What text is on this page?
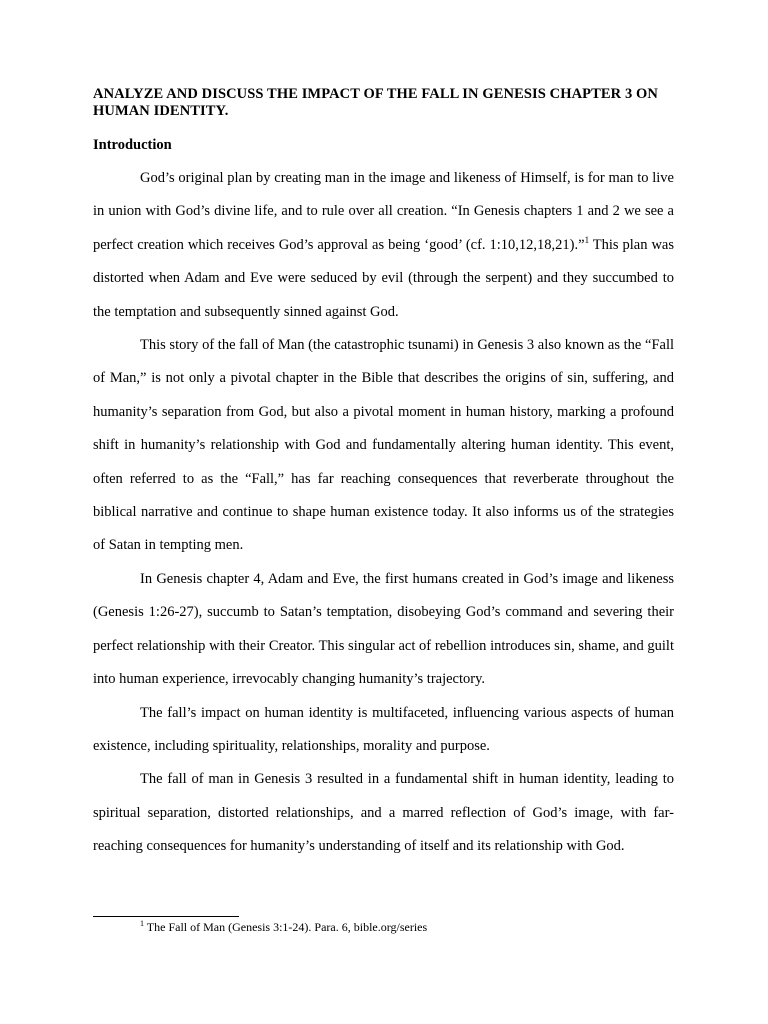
ANALYZE AND DISCUSS THE IMPACT OF THE FALL IN GENESIS CHAPTER 3 ON HUMAN IDENTITY.
Introduction

God’s original plan by creating man in the image and likeness of Himself, is for man to live in union with God’s divine life, and to rule over all creation. “In Genesis chapters 1 and 2 we see a perfect creation which receives God’s approval as being ‘good’ (cf. 1:10,12,18,21).”$^1$ This plan was distorted when Adam and Eve were seduced by evil (through the serpent) and they succumbed to the temptation and subsequently sinned against God.

This story of the fall of Man (the catastrophic tsunami) in Genesis 3 also known as the “Fall of Man,” is not only a pivotal chapter in the Bible that describes the origins of sin, suffering, and humanity’s separation from God, but also a pivotal moment in human history, marking a profound shift in humanity’s relationship with God and fundamentally altering human identity. This event, often referred to as the “Fall,” has far reaching consequences that reverberate throughout the biblical narrative and continue to shape human existence today. It also informs us of the strategies of Satan in tempting men.

In Genesis chapter 4, Adam and Eve, the first humans created in God’s image and likeness (Genesis 1:26-27), succumb to Satan’s temptation, disobeying God’s command and severing their perfect relationship with their Creator. This singular act of rebellion introduces sin, shame, and guilt into human experience, irrevocably changing humanity’s trajectory.

The fall’s impact on human identity is multifaceted, influencing various aspects of human existence, including spirituality, relationships, morality and purpose.

The fall of man in Genesis 3 resulted in a fundamental shift in human identity, leading to spiritual separation, distorted relationships, and a marred reflection of God’s image, with far-reaching consequences for humanity’s understanding of itself and its relationship with God.

$^1$ The Fall of Man (Genesis 3:1-24). Para. 6, bible.org/series
